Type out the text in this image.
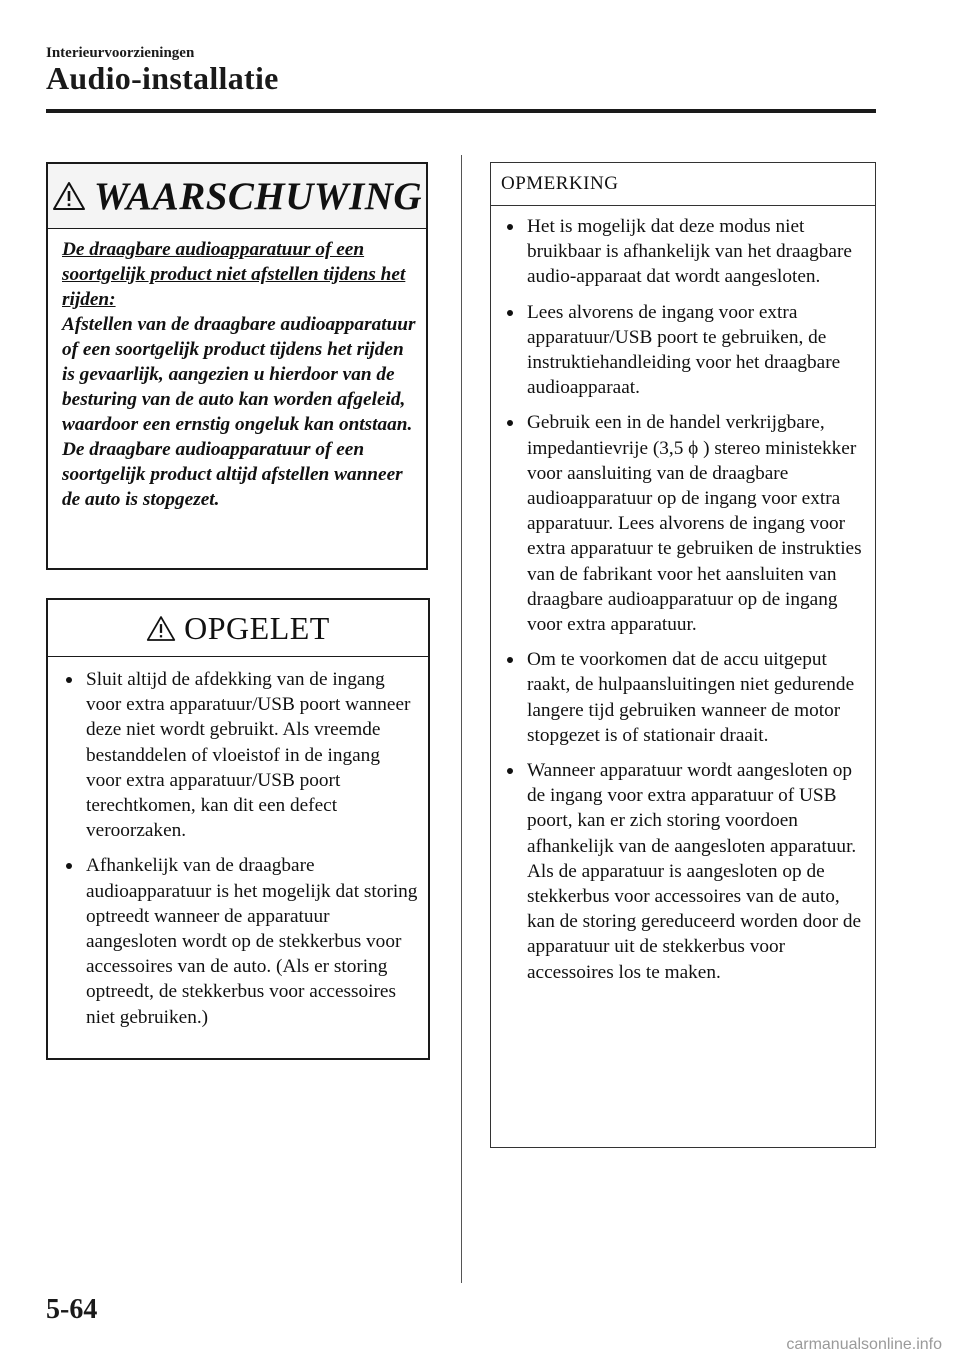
Interieurvoorzieningen
Audio-installatie
WAARSCHUWING
De draagbare audioapparatuur of een soortgelijk product niet afstellen tijdens het rijden:
Afstellen van de draagbare audioapparatuur of een soortgelijk product tijdens het rijden is gevaarlijk, aangezien u hierdoor van de besturing van de auto kan worden afgeleid, waardoor een ernstig ongeluk kan ontstaan. De draagbare audioapparatuur of een soortgelijk product altijd afstellen wanneer de auto is stopgezet.
OPGELET
Sluit altijd de afdekking van de ingang voor extra apparatuur/USB poort wanneer deze niet wordt gebruikt. Als vreemde bestanddelen of vloeistof in de ingang voor extra apparatuur/USB poort terechtkomen, kan dit een defect veroorzaken.
Afhankelijk van de draagbare audioapparatuur is het mogelijk dat storing optreedt wanneer de apparatuur aangesloten wordt op de stekkerbus voor accessoires van de auto. (Als er storing optreedt, de stekkerbus voor accessoires niet gebruiken.)
OPMERKING
Het is mogelijk dat deze modus niet bruikbaar is afhankelijk van het draagbare audio-apparaat dat wordt aangesloten.
Lees alvorens de ingang voor extra apparatuur/USB poort te gebruiken, de instruktiehandleiding voor het draagbare audioapparaat.
Gebruik een in de handel verkrijgbare, impedantievrije (3,5 ϕ ) stereo ministekker voor aansluiting van de draagbare audioapparatuur op de ingang voor extra apparatuur. Lees alvorens de ingang voor extra apparatuur te gebruiken de instrukties van de fabrikant voor het aansluiten van draagbare audioapparatuur op de ingang voor extra apparatuur.
Om te voorkomen dat de accu uitgeput raakt, de hulpaansluitingen niet gedurende langere tijd gebruiken wanneer de motor stopgezet is of stationair draait.
Wanneer apparatuur wordt aangesloten op de ingang voor extra apparatuur of USB poort, kan er zich storing voordoen afhankelijk van de aangesloten apparatuur. Als de apparatuur is aangesloten op de stekkerbus voor accessoires van de auto, kan de storing gereduceerd worden door de apparatuur uit de stekkerbus voor accessoires los te maken.
5-64
carmanualsonline.info
